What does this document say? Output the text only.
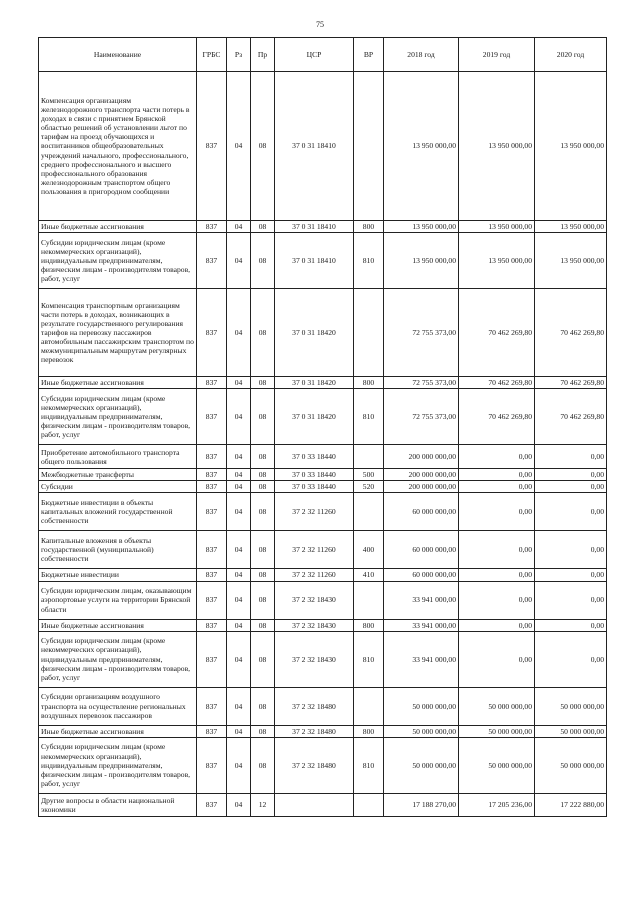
75
Наименование	ГРБС	Рз	Пр	ЦСР	ВР	2018 год	2019 год	2020 год
Компенсация организациям железнодорожного транспорта части потерь в доходах в связи с принятием Брянской областью решений об установлении льгот по тарифам на проезд обучающихся и воспитанников общеобразовательных учреждений начального, профессионального, среднего профессионального и высшего профессионального образования железнодорожным транспортом общего пользования в пригородном сообщении	837	04	08	37 0 31 18410		13 950 000,00	13 950 000,00	13 950 000,00
Иные бюджетные ассигнования	837	04	08	37 0 31 18410	800	13 950 000,00	13 950 000,00	13 950 000,00
Субсидии юридическим лицам (кроме некоммерческих организаций), индивидуальным предпринимателям, физическим лицам - производителям товаров, работ, услуг	837	04	08	37 0 31 18410	810	13 950 000,00	13 950 000,00	13 950 000,00
Компенсация транспортным организациям части потерь в доходах, возникающих в результате государственного регулирования тарифов на перевозку пассажиров автомобильным пассажирским транспортом по межмуниципальным маршрутам регулярных перевозок	837	04	08	37 0 31 18420		72 755 373,00	70 462 269,80	70 462 269,80
Иные бюджетные ассигнования	837	04	08	37 0 31 18420	800	72 755 373,00	70 462 269,80	70 462 269,80
Субсидии юридическим лицам (кроме некоммерческих организаций), индивидуальным предпринимателям, физическим лицам - производителям товаров, работ, услуг	837	04	08	37 0 31 18420	810	72 755 373,00	70 462 269,80	70 462 269,80
Приобретение автомобильного транспорта общего пользования	837	04	08	37 0 33 18440		200 000 000,00	0,00	0,00
Межбюджетные трансферты	837	04	08	37 0 33 18440	500	200 000 000,00	0,00	0,00
Субсидии	837	04	08	37 0 33 18440	520	200 000 000,00	0,00	0,00
Бюджетные инвестиции в объекты капитальных вложений государственной собственности	837	04	08	37 2 32 11260		60 000 000,00	0,00	0,00
Капитальные вложения в объекты государственной (муниципальной) собственности	837	04	08	37 2 32 11260	400	60 000 000,00	0,00	0,00
Бюджетные инвестиции	837	04	08	37 2 32 11260	410	60 000 000,00	0,00	0,00
Субсидии юридическим лицам, оказывающим аэропортовые услуги на территории Брянской области	837	04	08	37 2 32 18430		33 941 000,00	0,00	0,00
Иные бюджетные ассигнования	837	04	08	37 2 32 18430	800	33 941 000,00	0,00	0,00
Субсидии юридическим лицам (кроме некоммерческих организаций), индивидуальным предпринимателям, физическим лицам - производителям товаров, работ, услуг	837	04	08	37 2 32 18430	810	33 941 000,00	0,00	0,00
Субсидии организациям воздушного транспорта на осуществление региональных воздушных перевозок пассажиров	837	04	08	37 2 32 18480		50 000 000,00	50 000 000,00	50 000 000,00
Иные бюджетные ассигнования	837	04	08	37 2 32 18480	800	50 000 000,00	50 000 000,00	50 000 000,00
Субсидии юридическим лицам (кроме некоммерческих организаций), индивидуальным предпринимателям, физическим лицам - производителям товаров, работ, услуг	837	04	08	37 2 32 18480	810	50 000 000,00	50 000 000,00	50 000 000,00
Другие вопросы в области национальной экономики	837	04	12			17 188 270,00	17 205 236,00	17 222 880,00
